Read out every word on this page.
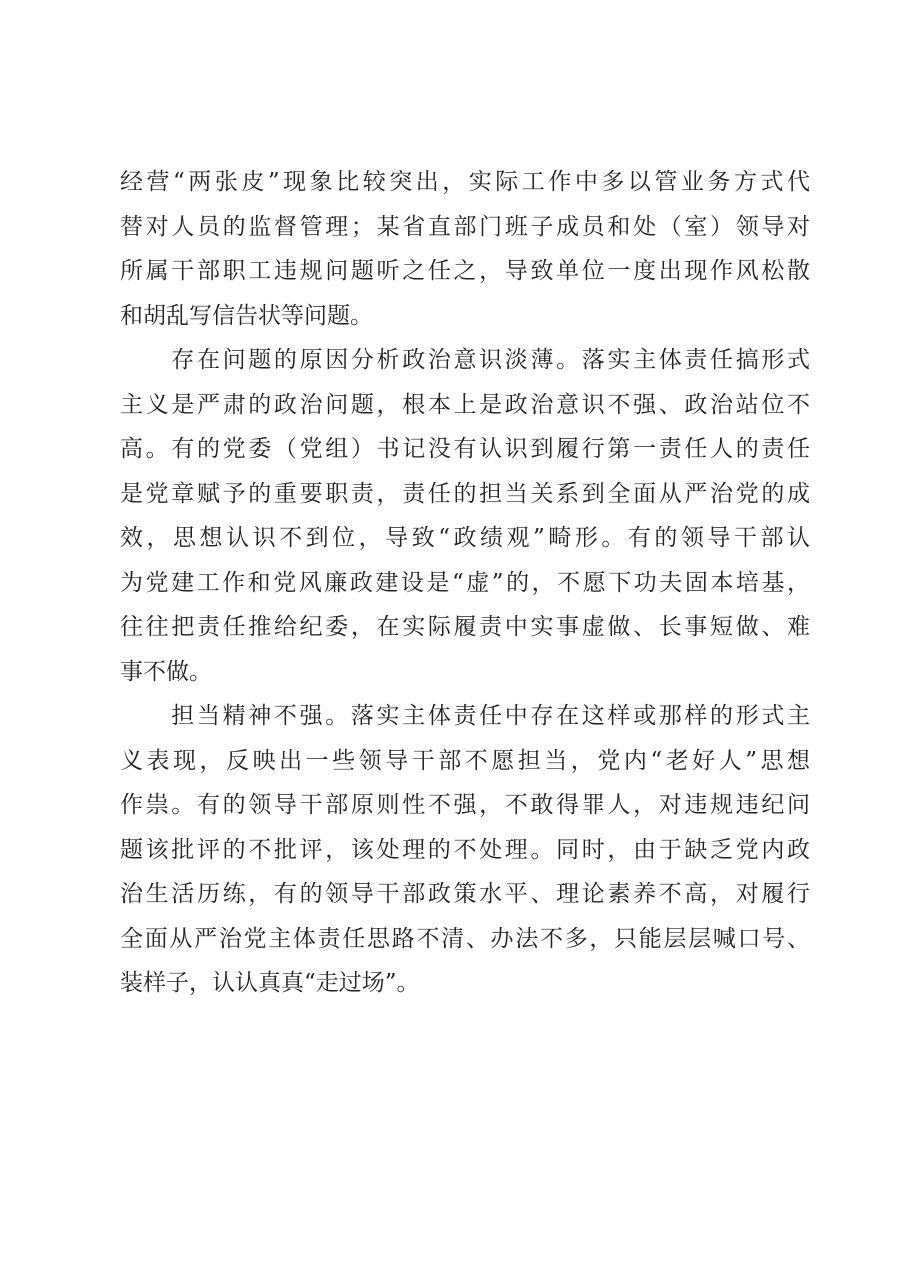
经营“两张皮”现象比较突出，实际工作中多以管业务方式代
替对人员的监督管理；某省直部门班子成员和处（室）领导对
所属干部职工违规问题听之任之，导致单位一度出现作风松散
和胡乱写信告状等问题。
　　存在问题的原因分析政治意识淡薄。落实主体责任搞形式
主义是严肃的政治问题，根本上是政治意识不强、政治站位不
高。有的党委（党组）书记没有认识到履行第一责任人的责任
是党章赋予的重要职责，责任的担当关系到全面从严治党的成
效，思想认识不到位，导致“政绩观”畸形。有的领导干部认
为党建工作和党风廉政建设是“虚”的，不愿下功夫固本培基，
往往把责任推给纪委，在实际履责中实事虚做、长事短做、难
事不做。
　　担当精神不强。落实主体责任中存在这样或那样的形式主
义表现，反映出一些领导干部不愿担当，党内“老好人”思想
作祟。有的领导干部原则性不强，不敢得罪人，对违规违纪问
题该批评的不批评，该处理的不处理。同时，由于缺乏党内政
治生活历练，有的领导干部政策水平、理论素养不高，对履行
全面从严治党主体责任思路不清、办法不多，只能层层喊口号、
装样子，认认真真“走过场”。
